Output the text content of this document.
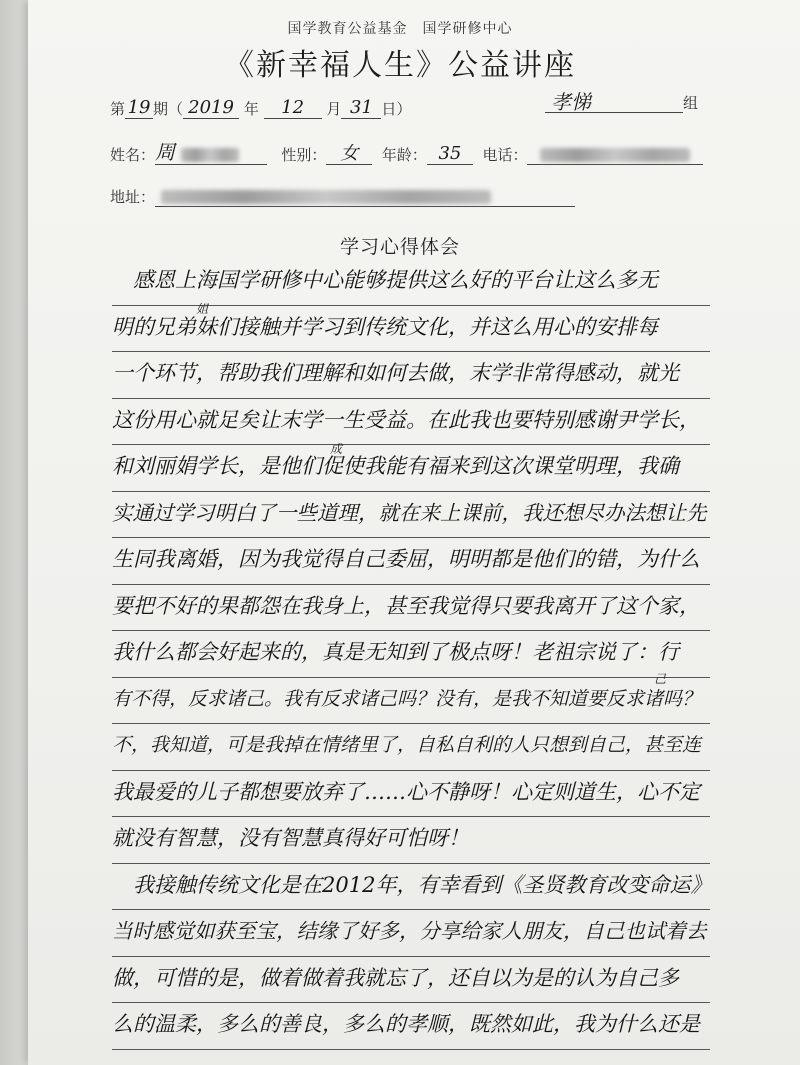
国学教育公益基金　国学研修中心
《新幸福人生》公益讲座
第 19 期（ 2019 年 12 月 31 日）	孝悌	组
姓名：周	性别： 女 年龄： 35 电话：
地址：
学习心得体会
　感恩上海国学研修中心能够提供这么好的平台让这么多无
明的兄弟妹们接触并学习到传统文化，并这么用心的安排每
一个环节，帮助我们理解和如何去做，末学非常得感动，就光
这份用心就足矣让末学一生受益。在此我也要特别感谢尹学长，
和刘丽娟学长，是他们促使我能有福来到这次课堂明理，我确
实通过学习明白了一些道理，就在来上课前，我还想尽办法想让先
生同我离婚，因为我觉得自己委屈，明明都是他们的错，为什么
要把不好的果都怨在我身上，甚至我觉得只要我离开了这个家，
我什么都会好起来的，真是无知到了极点呀！老祖宗说了：行
有不得，反求诸己。我有反求诸己吗？没有，是我不知道要反求诸吗？
不，我知道，可是我掉在情绪里了，自私自利的人只想到自己，甚至连
我最爱的儿子都想要放弃了……心不静呀！心定则道生，心不定
就没有智慧，没有智慧真得好可怕呀！
　我接触传统文化是在2012年，有幸看到《圣贤教育改变命运》
当时感觉如获至宝，结缘了好多，分享给家人朋友，自己也试着去
做，可惜的是，做着做着我就忘了，还自以为是的认为自己多
么的温柔，多么的善良，多么的孝顺，既然如此，我为什么还是
姐
成
己
